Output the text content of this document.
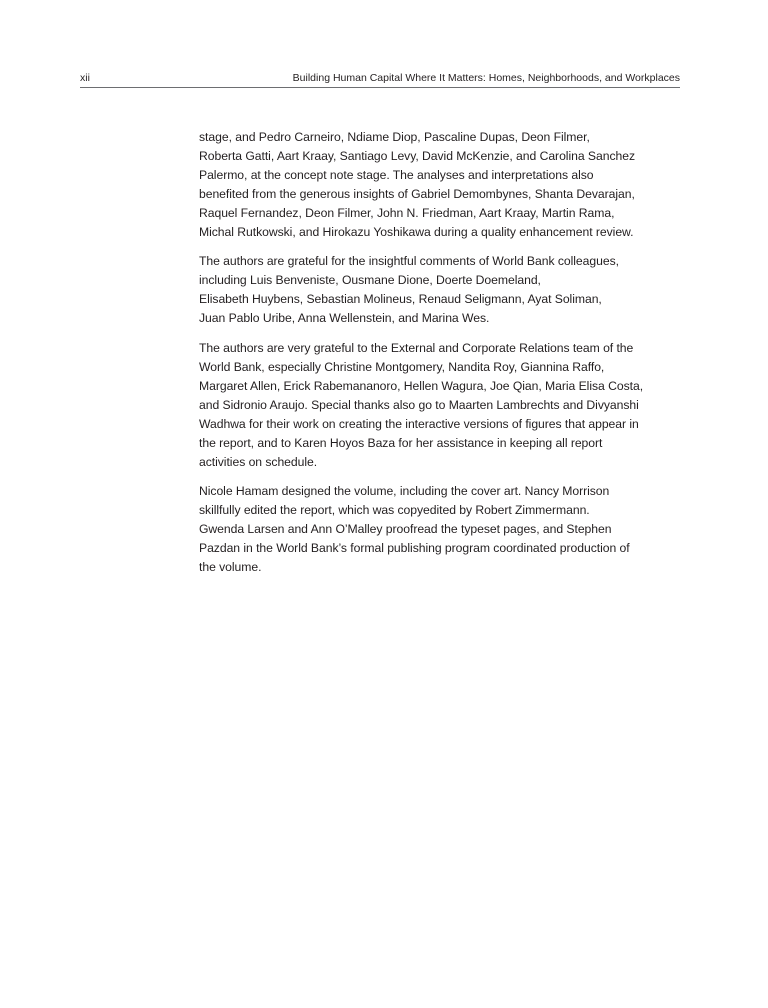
xii	Building Human Capital Where It Matters: Homes, Neighborhoods, and Workplaces

stage, and Pedro Carneiro, Ndiame Diop, Pascaline Dupas, Deon Filmer,
Roberta Gatti, Aart Kraay, Santiago Levy, David McKenzie, and Carolina Sanchez
Palermo, at the concept note stage. The analyses and interpretations also
benefited from the generous insights of Gabriel Demombynes, Shanta Devarajan,
Raquel Fernandez, Deon Filmer, John N. Friedman, Aart Kraay, Martin Rama,
Michal Rutkowski, and Hirokazu Yoshikawa during a quality enhancement review.

The authors are grateful for the insightful comments of World Bank colleagues,
including Luis Benveniste, Ousmane Dione, Doerte Doemeland,
Elisabeth Huybens, Sebastian Molineus, Renaud Seligmann, Ayat Soliman,
Juan Pablo Uribe, Anna Wellenstein, and Marina Wes.

The authors are very grateful to the External and Corporate Relations team of the
World Bank, especially Christine Montgomery, Nandita Roy, Giannina Raffo,
Margaret Allen, Erick Rabemananoro, Hellen Wagura, Joe Qian, Maria Elisa Costa,
and Sidronio Araujo. Special thanks also go to Maarten Lambrechts and Divyanshi
Wadhwa for their work on creating the interactive versions of figures that appear in
the report, and to Karen Hoyos Baza for her assistance in keeping all report
activities on schedule.

Nicole Hamam designed the volume, including the cover art. Nancy Morrison
skillfully edited the report, which was copyedited by Robert Zimmermann.
Gwenda Larsen and Ann O’Malley proofread the typeset pages, and Stephen
Pazdan in the World Bank’s formal publishing program coordinated production of
the volume.
